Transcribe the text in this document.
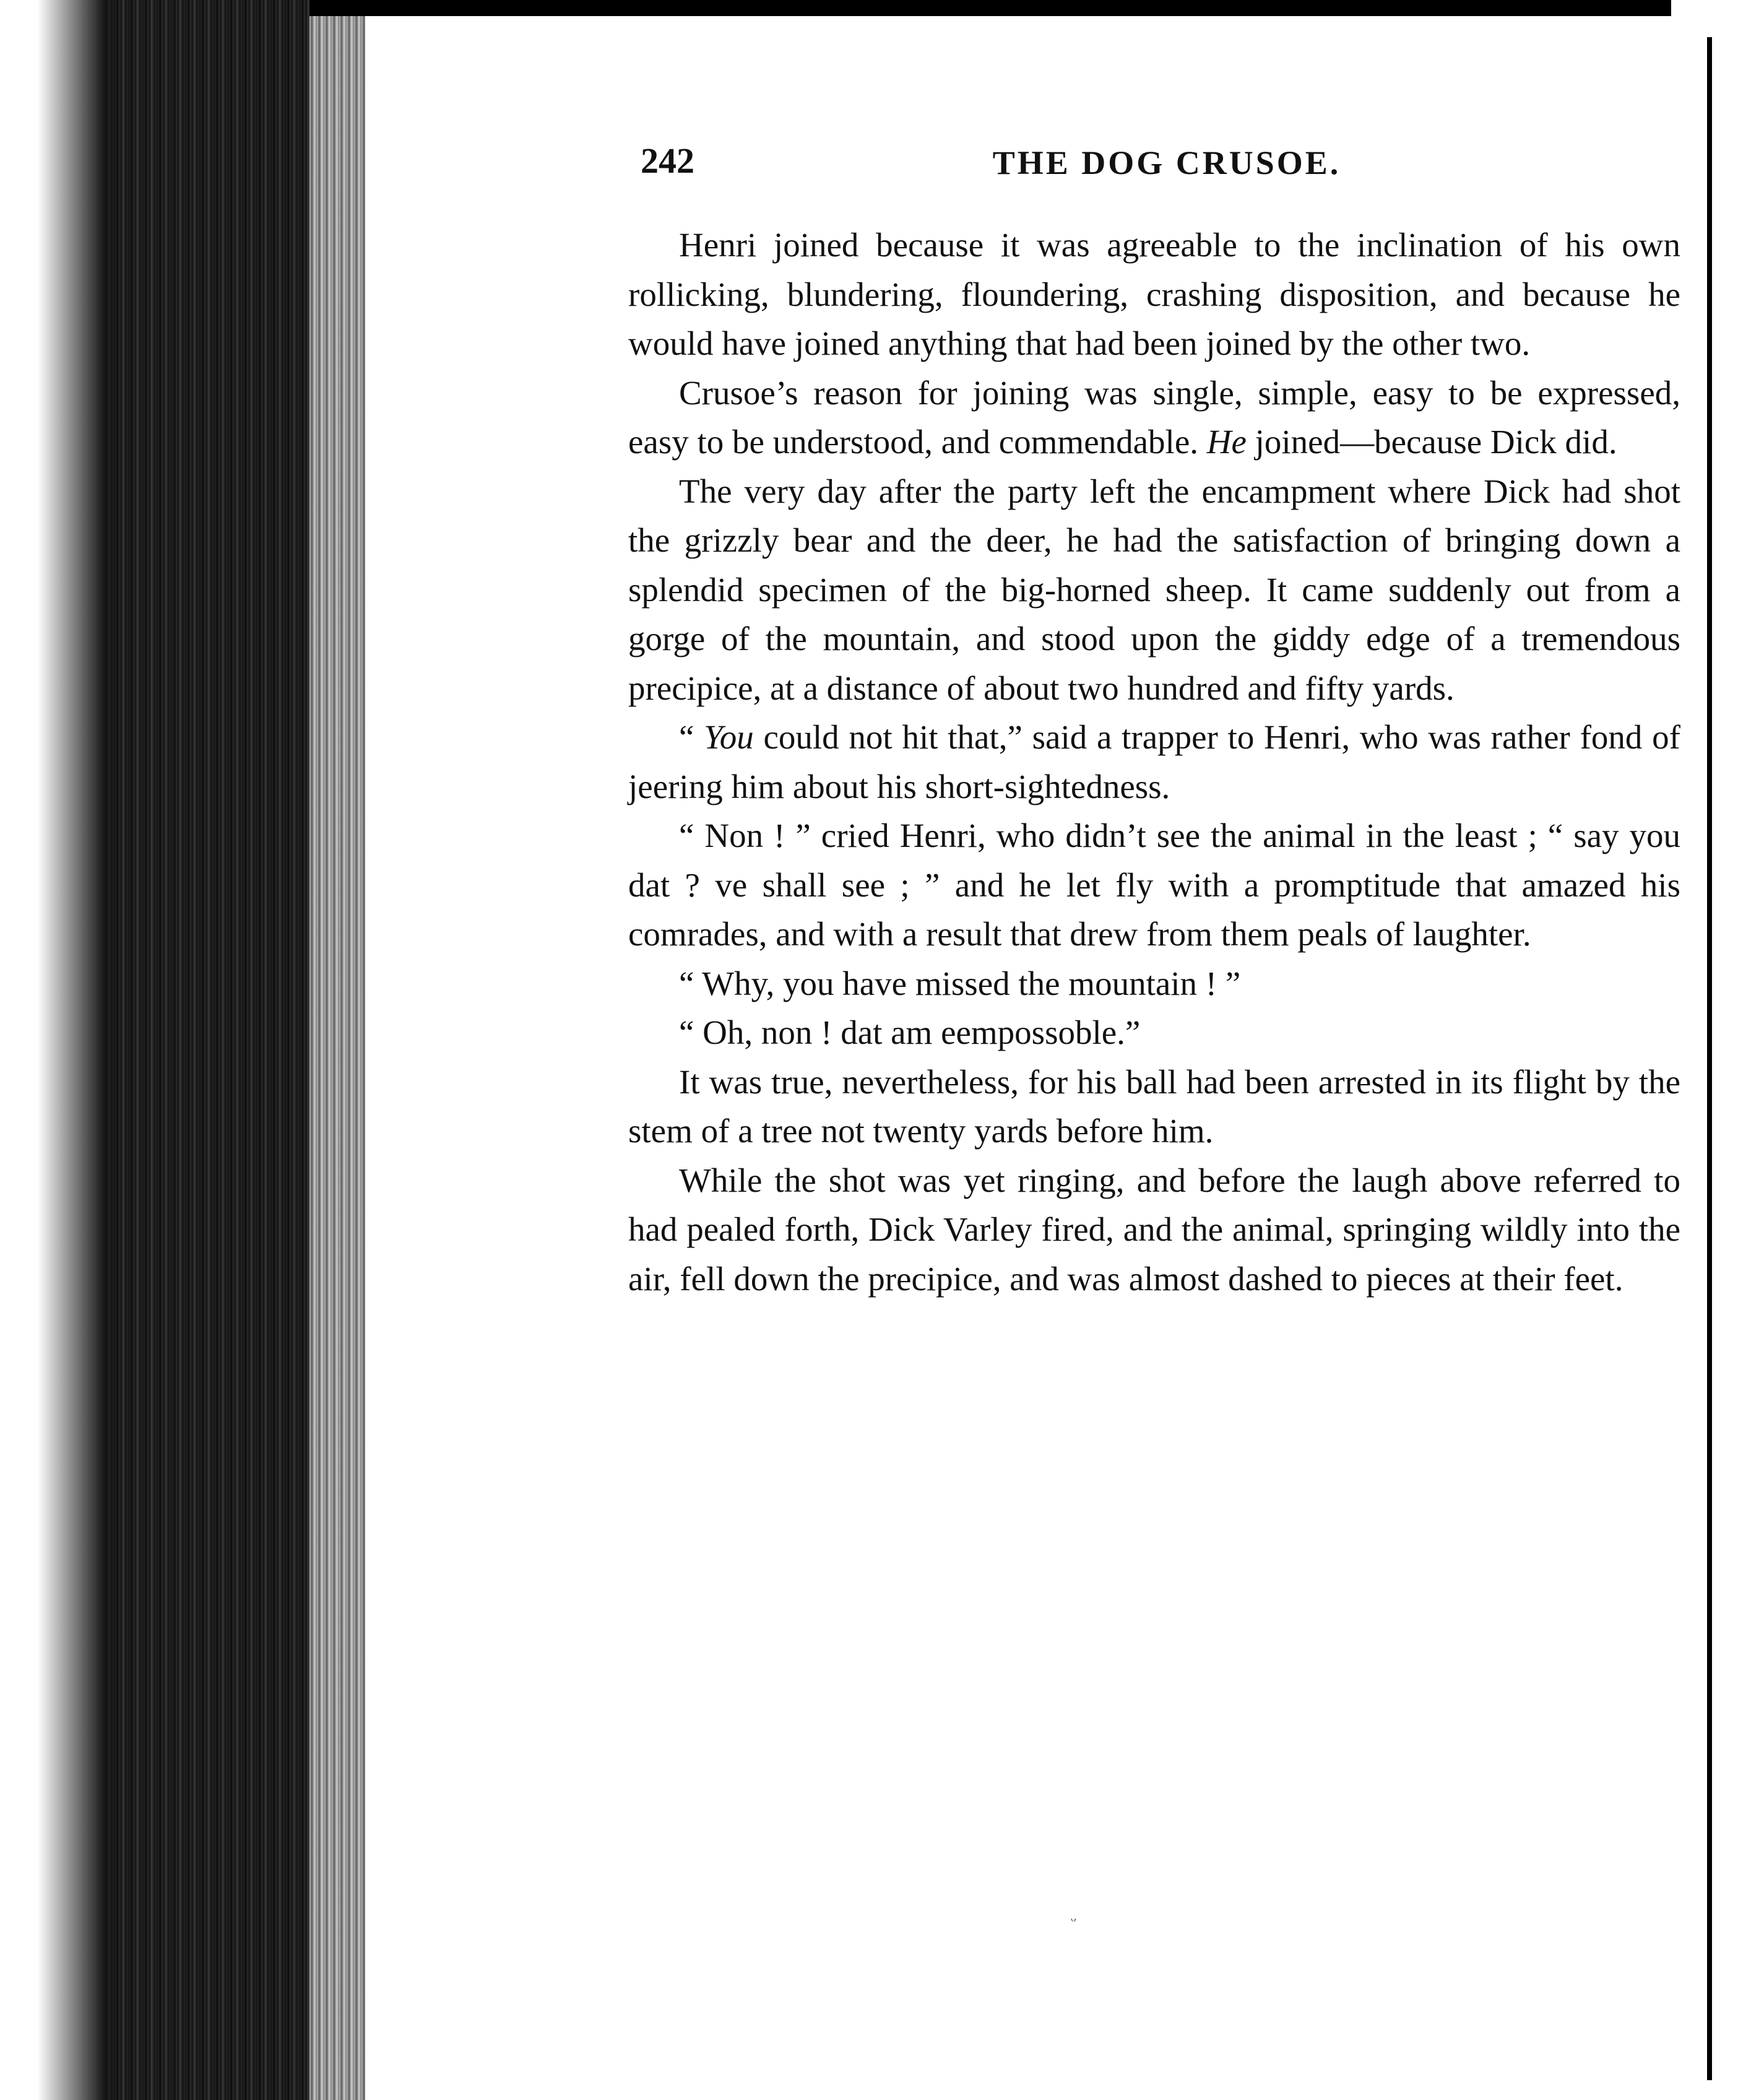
242	THE DOG CRUSOE.

Henri joined because it was agreeable to the inclination of his own rollicking, blundering, floundering, crashing disposition, and because he would have joined anything that had been joined by the other two.

Crusoe’s reason for joining was single, simple, easy to be expressed, easy to be understood, and commendable. He joined—because Dick did.

The very day after the party left the encampment where Dick had shot the grizzly bear and the deer, he had the satisfaction of bringing down a splendid specimen of the big-horned sheep. It came suddenly out from a gorge of the mountain, and stood upon the giddy edge of a tremendous precipice, at a distance of about two hundred and fifty yards.

“ You could not hit that,” said a trapper to Henri, who was rather fond of jeering him about his short-sightedness.

“ Non ! ” cried Henri, who didn’t see the animal in the least ; “ say you dat ? ve shall see ; ” and he let fly with a promptitude that amazed his comrades, and with a result that drew from them peals of laughter.

“ Why, you have missed the mountain ! ”

“ Oh, non ! dat am eempossoble.”

It was true, nevertheless, for his ball had been arrested in its flight by the stem of a tree not twenty yards before him.

While the shot was yet ringing, and before the laugh above referred to had pealed forth, Dick Varley fired, and the animal, springing wildly into the air, fell down the precipice, and was almost dashed to pieces at their feet.

ᵕ
